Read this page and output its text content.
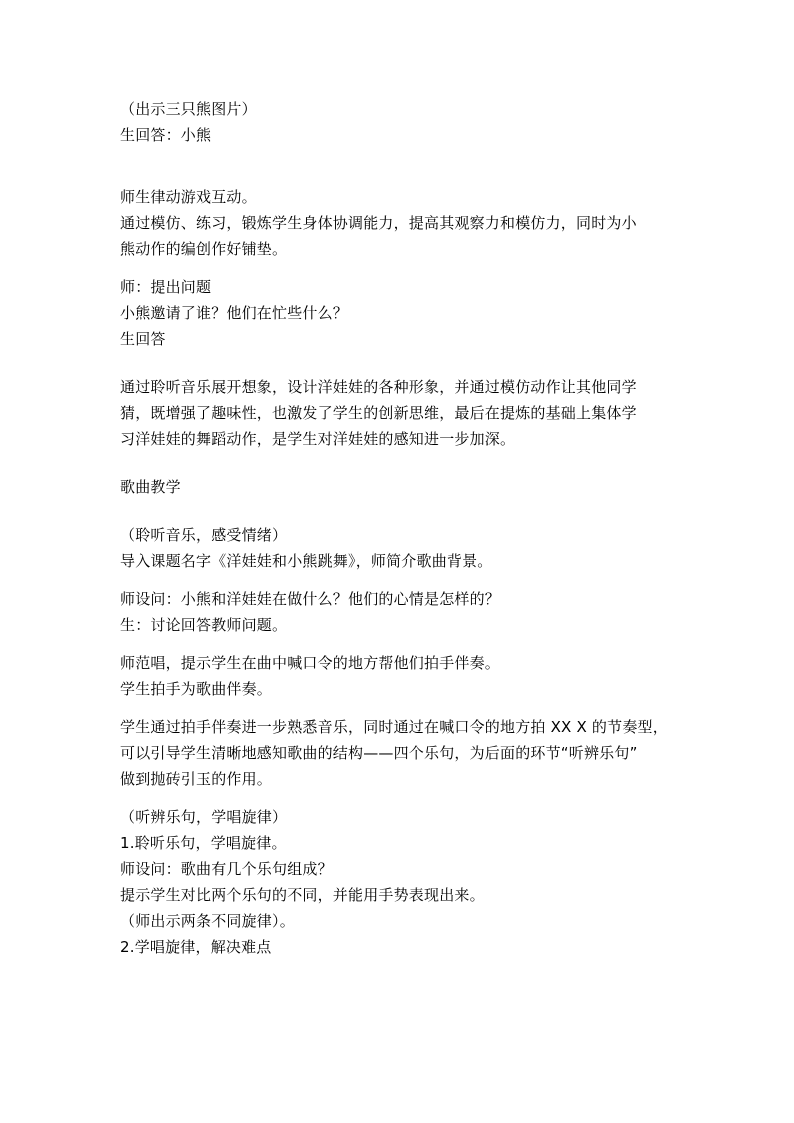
（出示三只熊图片）
生回答：小熊
师生律动游戏互动。
通过模仿、练习，锻炼学生身体协调能力，提高其观察力和模仿力，同时为小
熊动作的编创作好铺垫。
师：提出问题
小熊邀请了谁？他们在忙些什么？
生回答
通过聆听音乐展开想象，设计洋娃娃的各种形象，并通过模仿动作让其他同学
猜，既增强了趣味性，也激发了学生的创新思维，最后在提炼的基础上集体学
习洋娃娃的舞蹈动作，是学生对洋娃娃的感知进一步加深。
歌曲教学
（聆听音乐，感受情绪）
导入课题名字《洋娃娃和小熊跳舞》，师简介歌曲背景。
师设问：小熊和洋娃娃在做什么？他们的心情是怎样的？
生：讨论回答教师问题。
师范唱，提示学生在曲中喊口令的地方帮他们拍手伴奏。
学生拍手为歌曲伴奏。
学生通过拍手伴奏进一步熟悉音乐，同时通过在喊口令的地方拍 XX X 的节奏型，
可以引导学生清晰地感知歌曲的结构——四个乐句，为后面的环节“听辨乐句”
做到抛砖引玉的作用。
（听辨乐句，学唱旋律）
1.聆听乐句，学唱旋律。
师设问：歌曲有几个乐句组成？
提示学生对比两个乐句的不同，并能用手势表现出来。
（师出示两条不同旋律）。
2.学唱旋律，解决难点
